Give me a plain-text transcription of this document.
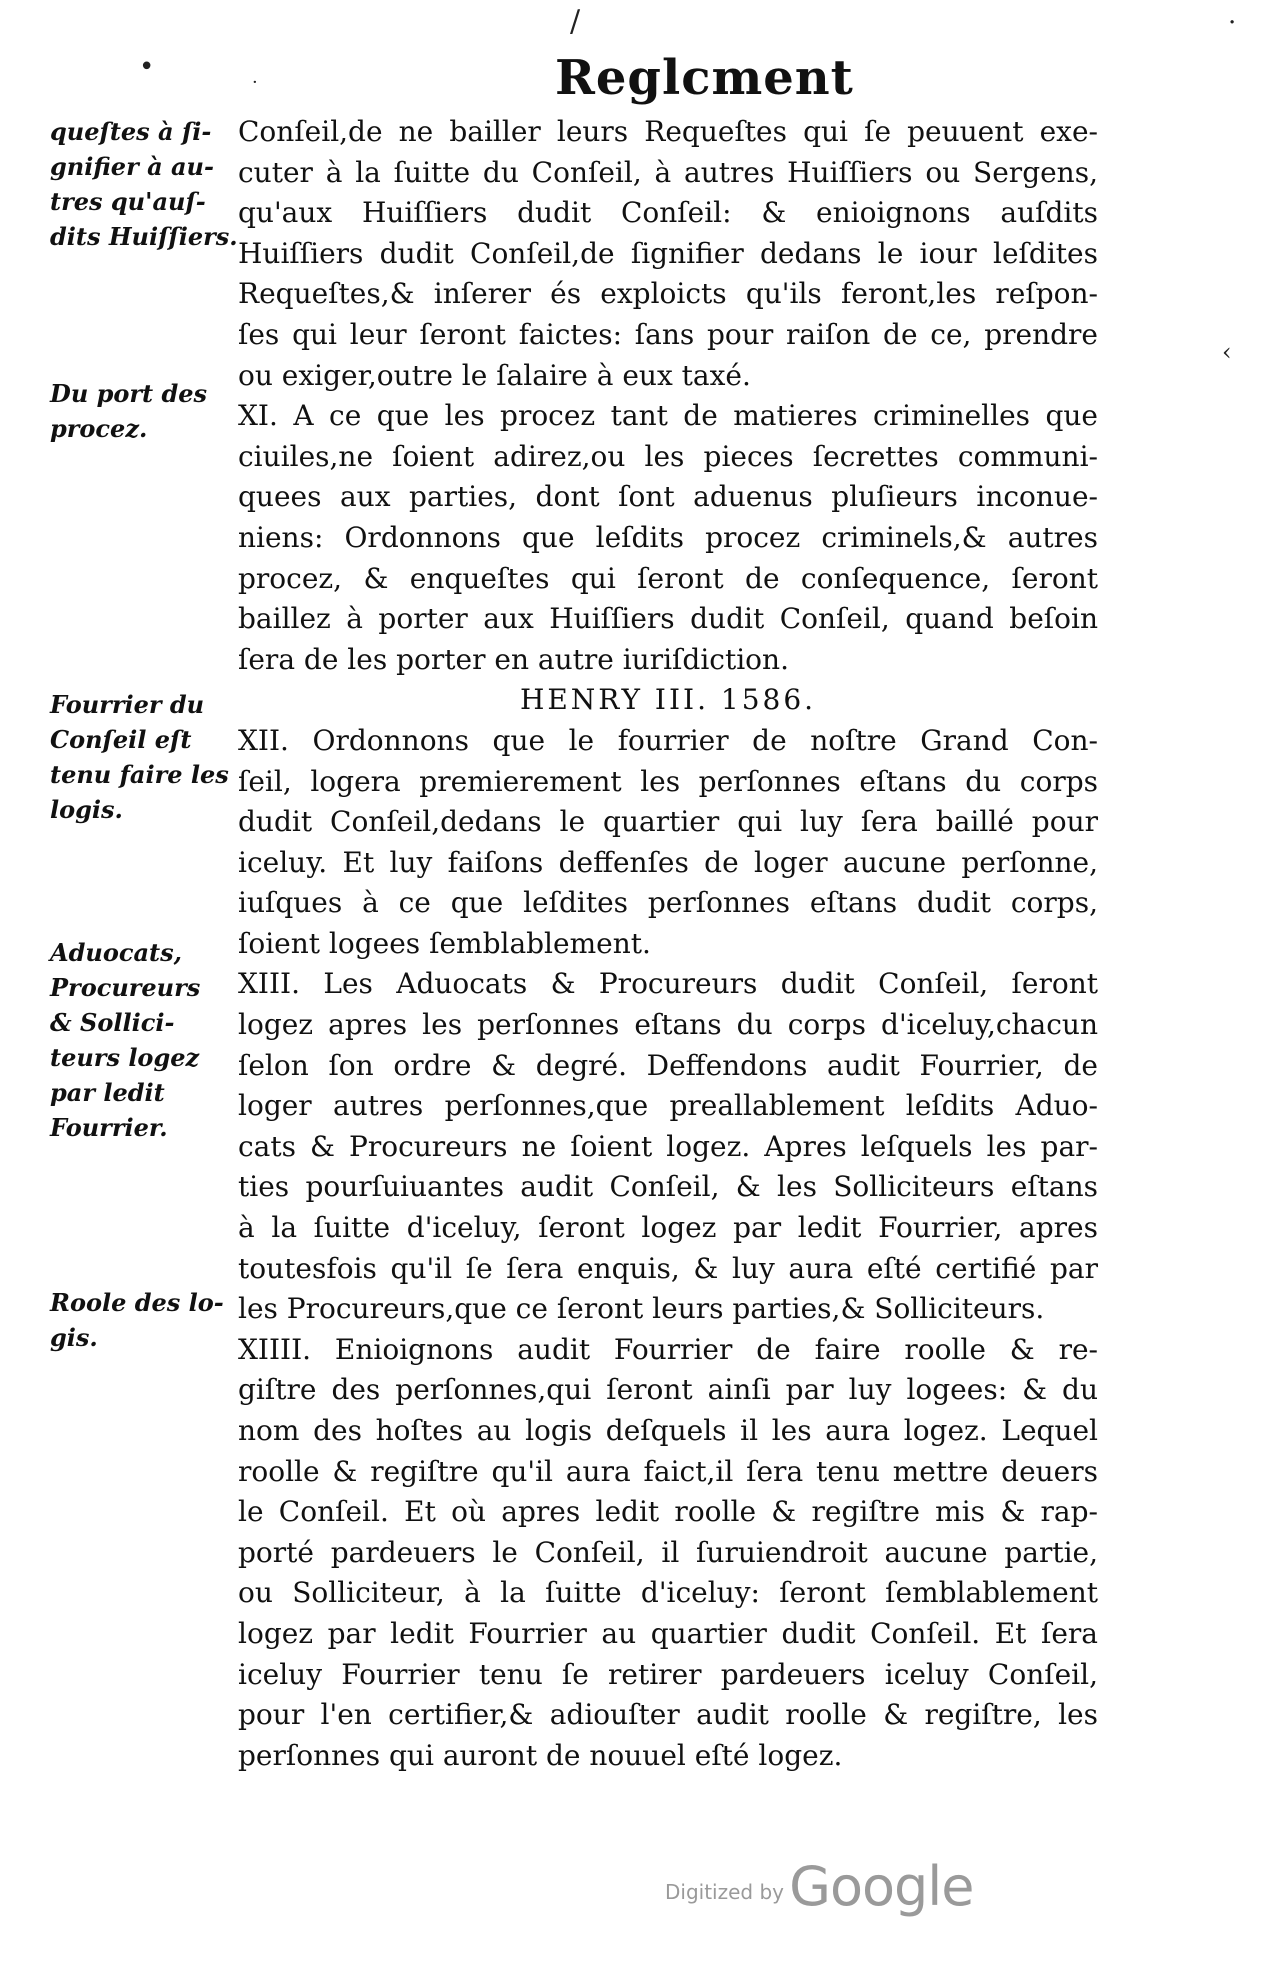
/
•
·
·
‹
Reglcment
Conſeil,de ne bailler leurs Requeſtes qui ſe peuuent exe-
cuter à la ſuitte du Conſeil, à autres Huiſſiers ou Sergens,
qu'aux Huiſſiers dudit Conſeil: & enioignons auſdits
Huiſſiers dudit Conſeil,de ſignifier dedans le iour leſdites
Requeſtes,& inſerer és exploicts qu'ils feront,les reſpon-
ſes qui leur ſeront faictes: ſans pour raiſon de ce, prendre
ou exiger,outre le ſalaire à eux taxé.
XI. A ce que les procez tant de matieres criminelles que
ciuiles,ne ſoient adirez,ou les pieces ſecrettes communi-
quees aux parties, dont ſont aduenus pluſieurs inconue-
niens: Ordonnons que leſdits procez criminels,& autres
procez, & enqueſtes qui ſeront de conſequence, ſeront
baillez à porter aux Huiſſiers dudit Conſeil, quand beſoin
ſera de les porter en autre iuriſdiction.
HENRY III. 1586.
XII. Ordonnons que le fourrier de noſtre Grand Con-
ſeil, logera premierement les perſonnes eſtans du corps
dudit Conſeil,dedans le quartier qui luy ſera baillé pour
iceluy. Et luy faiſons deffenſes de loger aucune perſonne,
iuſques à ce que leſdites perſonnes eſtans dudit corps,
ſoient logees ſemblablement.
XIII. Les Aduocats & Procureurs dudit Conſeil, ſeront
logez apres les perſonnes eſtans du corps d'iceluy,chacun
ſelon ſon ordre & degré. Deffendons audit Fourrier, de
loger autres perſonnes,que preallablement leſdits Aduo-
cats & Procureurs ne ſoient logez. Apres leſquels les par-
ties pourſuiuantes audit Conſeil, & les Solliciteurs eſtans
à la ſuitte d'iceluy, ſeront logez par ledit Fourrier, apres
toutesfois qu'il ſe ſera enquis, & luy aura eſté certifié par
les Procureurs,que ce ſeront leurs parties,& Solliciteurs.
XIIII. Enioignons audit Fourrier de faire roolle & re-
giſtre des perſonnes,qui ſeront ainſi par luy logees: & du
nom des hoſtes au logis deſquels il les aura logez. Lequel
roolle & regiſtre qu'il aura faict,il ſera tenu mettre deuers
le Conſeil. Et où apres ledit roolle & regiſtre mis & rap-
porté pardeuers le Conſeil, il ſuruiendroit aucune partie,
ou Solliciteur, à la ſuitte d'iceluy: ſeront ſemblablement
logez par ledit Fourrier au quartier dudit Conſeil. Et ſera
iceluy Fourrier tenu ſe retirer pardeuers iceluy Conſeil,
pour l'en certifier,& adiouſter audit roolle & regiſtre, les
perſonnes qui auront de nouuel eſté logez.
queſtes à ſi-
gnifier à au-
tres qu'auſ-
dits Huiſſiers.
Du port des
procez.
Fourrier du
Conſeil eſt
tenu faire les
logis.
Aduocats,
Procureurs
& Sollici-
teurs logez
par ledit
Fourrier.
Roole des lo-
gis.
Digitized by Google
